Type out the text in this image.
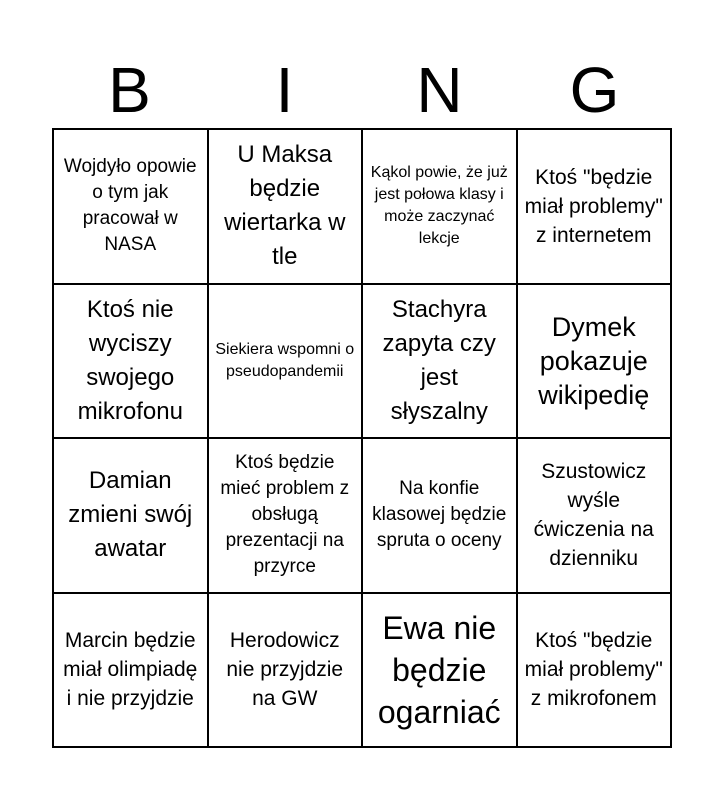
B	I	N	G
Wojdyło opowie o tym jak pracował w NASA
U Maksa będzie wiertarka w tle
Kąkol powie, że już jest połowa klasy i może zaczynać lekcje
Ktoś "będzie miał problemy" z internetem
Ktoś nie wyciszy swojego mikrofonu
Siekiera wspomni o pseudopandemii
Stachyra zapyta czy jest słyszalny
Dymek pokazuje wikipedię
Damian zmieni swój awatar
Ktoś będzie mieć problem z obsługą prezentacji na przyrce
Na konfie klasowej będzie spruta o oceny
Szustowicz wyśle ćwiczenia na dzienniku
Marcin będzie miał olimpiadę i nie przyjdzie
Herodowicz nie przyjdzie na GW
Ewa nie będzie ogarniać
Ktoś "będzie miał problemy" z mikrofonem
